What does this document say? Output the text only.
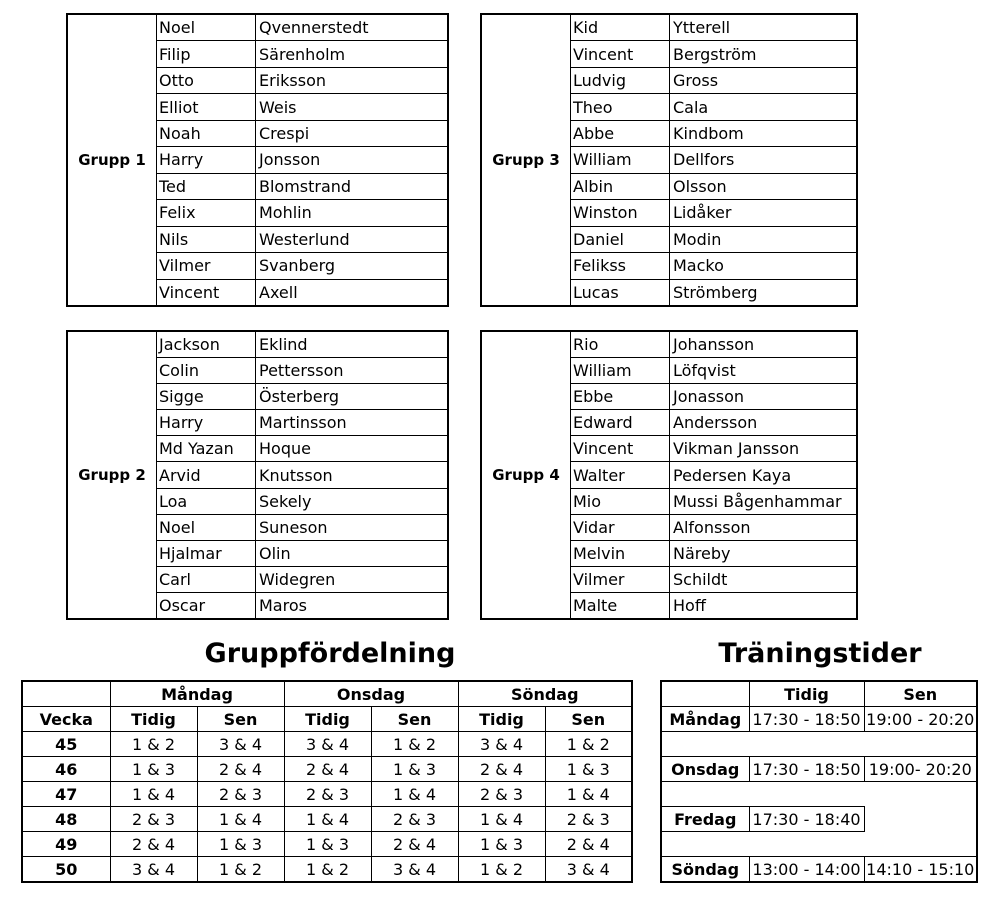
Grupp 1
Noel	Qvennerstedt
Filip	Särenholm
Otto	Eriksson
Elliot	Weis
Noah	Crespi
Harry	Jonsson
Ted	Blomstrand
Felix	Mohlin
Nils	Westerlund
Vilmer	Svanberg
Vincent	Axell
Grupp 3
Kid	Ytterell
Vincent	Bergström
Ludvig	Gross
Theo	Cala
Abbe	Kindbom
William	Dellfors
Albin	Olsson
Winston	Lidåker
Daniel	Modin
Felikss	Macko
Lucas	Strömberg
Grupp 2
Jackson	Eklind
Colin	Pettersson
Sigge	Österberg
Harry	Martinsson
Md Yazan	Hoque
Arvid	Knutsson
Loa	Sekely
Noel	Suneson
Hjalmar	Olin
Carl	Widegren
Oscar	Maros
Grupp 4
Rio	Johansson
William	Löfqvist
Ebbe	Jonasson
Edward	Andersson
Vincent	Vikman Jansson
Walter	Pedersen Kaya
Mio	Mussi Bågenhammar
Vidar	Alfonsson
Melvin	Näreby
Vilmer	Schildt
Malte	Hoff
Gruppfördelning	Träningstider
	Måndag		Onsdag		Söndag	
Vecka	Tidig	Sen	Tidig	Sen	Tidig	Sen
45	1 & 2	3 & 4	3 & 4	1 & 2	3 & 4	1 & 2
46	1 & 3	2 & 4	2 & 4	1 & 3	2 & 4	1 & 3
47	1 & 4	2 & 3	2 & 3	1 & 4	2 & 3	1 & 4
48	2 & 3	1 & 4	1 & 4	2 & 3	1 & 4	2 & 3
49	2 & 4	1 & 3	1 & 3	2 & 4	1 & 3	2 & 4
50	3 & 4	1 & 2	1 & 2	3 & 4	1 & 2	3 & 4
	Tidig	Sen
Måndag	17:30 - 18:50	19:00 - 20:20

Onsdag	17:30 - 18:50	19:00- 20:20

Fredag	17:30 - 18:40	

Söndag	13:00 - 14:00	14:10 - 15:10
